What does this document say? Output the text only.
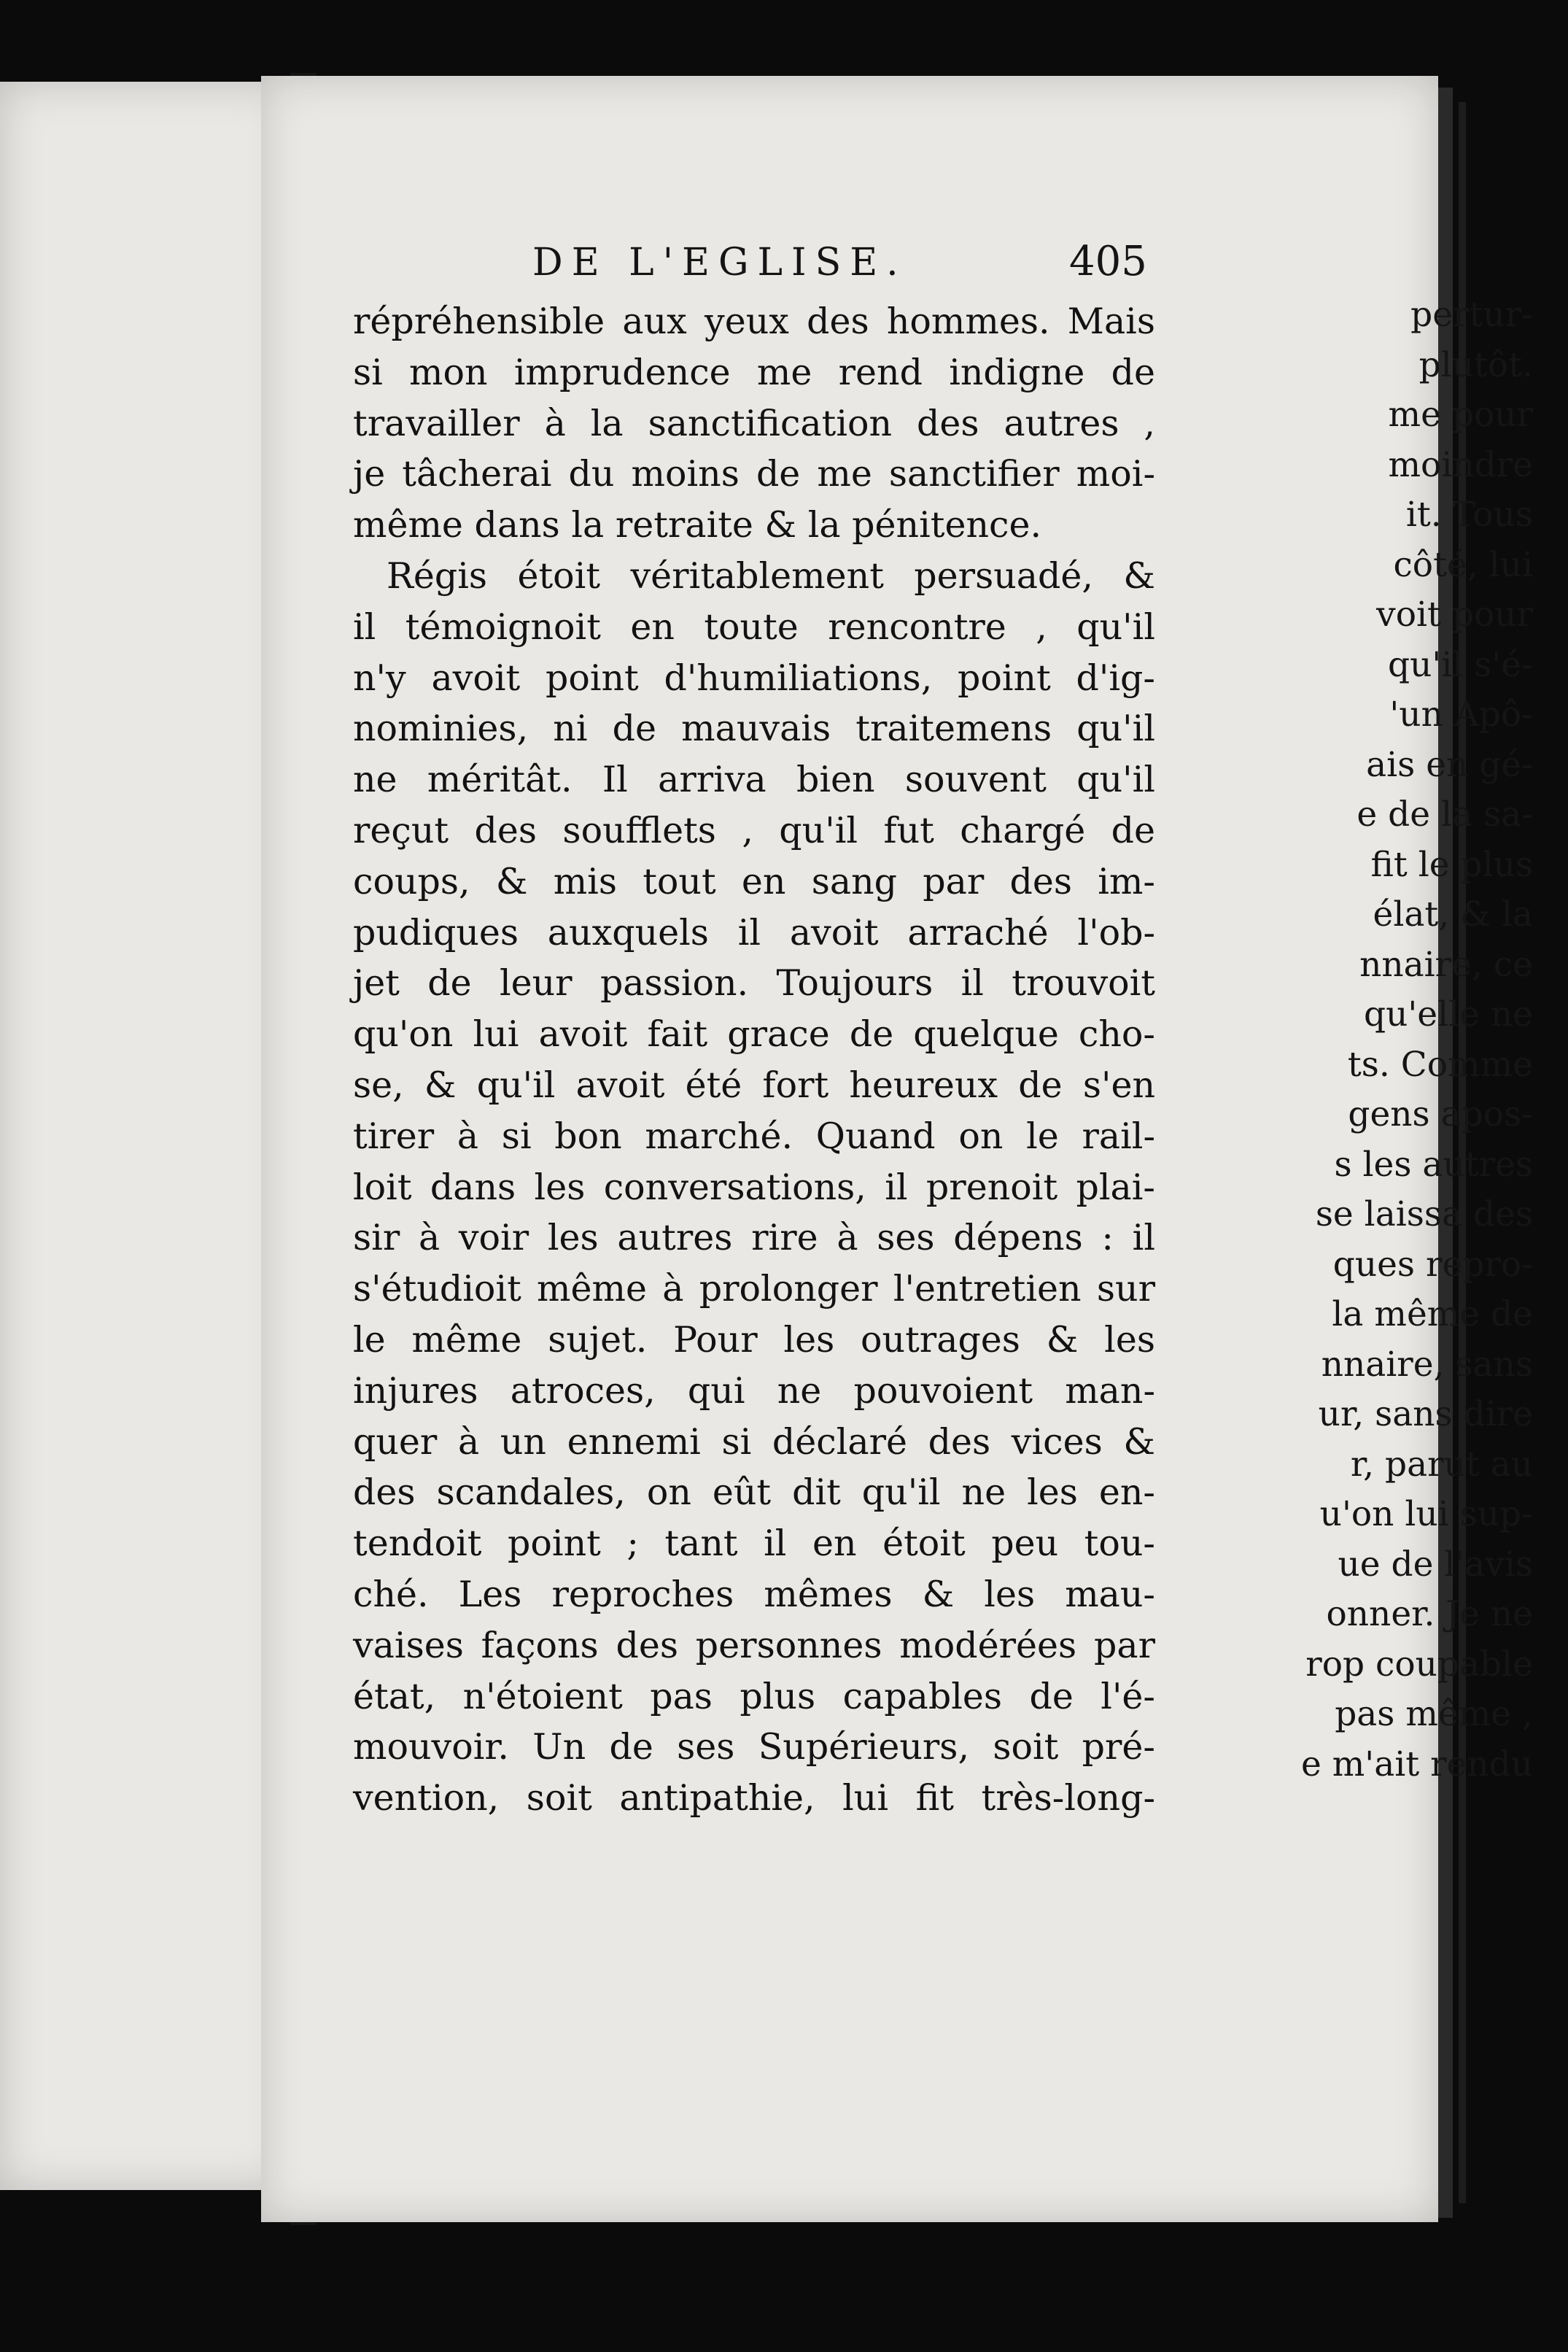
pertur-
plutôt.
me pour
moindre
it. Tous
côté, lui
voit pour
qu'il s'é-
'un Apô-
ais en gé-
e de la sa-
fit le plus
élat, & la
nnaire, ce
qu'elle ne
ts. Comme
gens apos-
s les autres
se laissa des
ques repro-
la même de
nnaire, sans
ur, sans dire
r, parut au
u'on lui sup-
ue de l'avis
onner. Je ne
rop coupable
pas même ,
e m'ait rendu
DE L'EGLISE.	405
répréhensible aux yeux des hommes. Mais
si mon imprudence me rend indigne de
travailler à la sanctification des autres ,
je tâcherai du moins de me sanctifier moi-
même dans la retraite & la pénitence.
Régis étoit véritablement persuadé, &
il témoignoit en toute rencontre , qu'il
n'y avoit point d'humiliations, point d'ig-
nominies, ni de mauvais traitemens qu'il
ne méritât. Il arriva bien souvent qu'il
reçut des soufflets , qu'il fut chargé de
coups, & mis tout en sang par des im-
pudiques auxquels il avoit arraché l'ob-
jet de leur passion. Toujours il trouvoit
qu'on lui avoit fait grace de quelque cho-
se, & qu'il avoit été fort heureux de s'en
tirer à si bon marché. Quand on le rail-
loit dans les conversations, il prenoit plai-
sir à voir les autres rire à ses dépens : il
s'étudioit même à prolonger l'entretien sur
le même sujet. Pour les outrages & les
injures atroces, qui ne pouvoient man-
quer à un ennemi si déclaré des vices &
des scandales, on eût dit qu'il ne les en-
tendoit point ; tant il en étoit peu tou-
ché. Les reproches mêmes & les mau-
vaises façons des personnes modérées par
état, n'étoient pas plus capables de l'é-
mouvoir. Un de ses Supérieurs, soit pré-
vention, soit antipathie, lui fit très-long-
